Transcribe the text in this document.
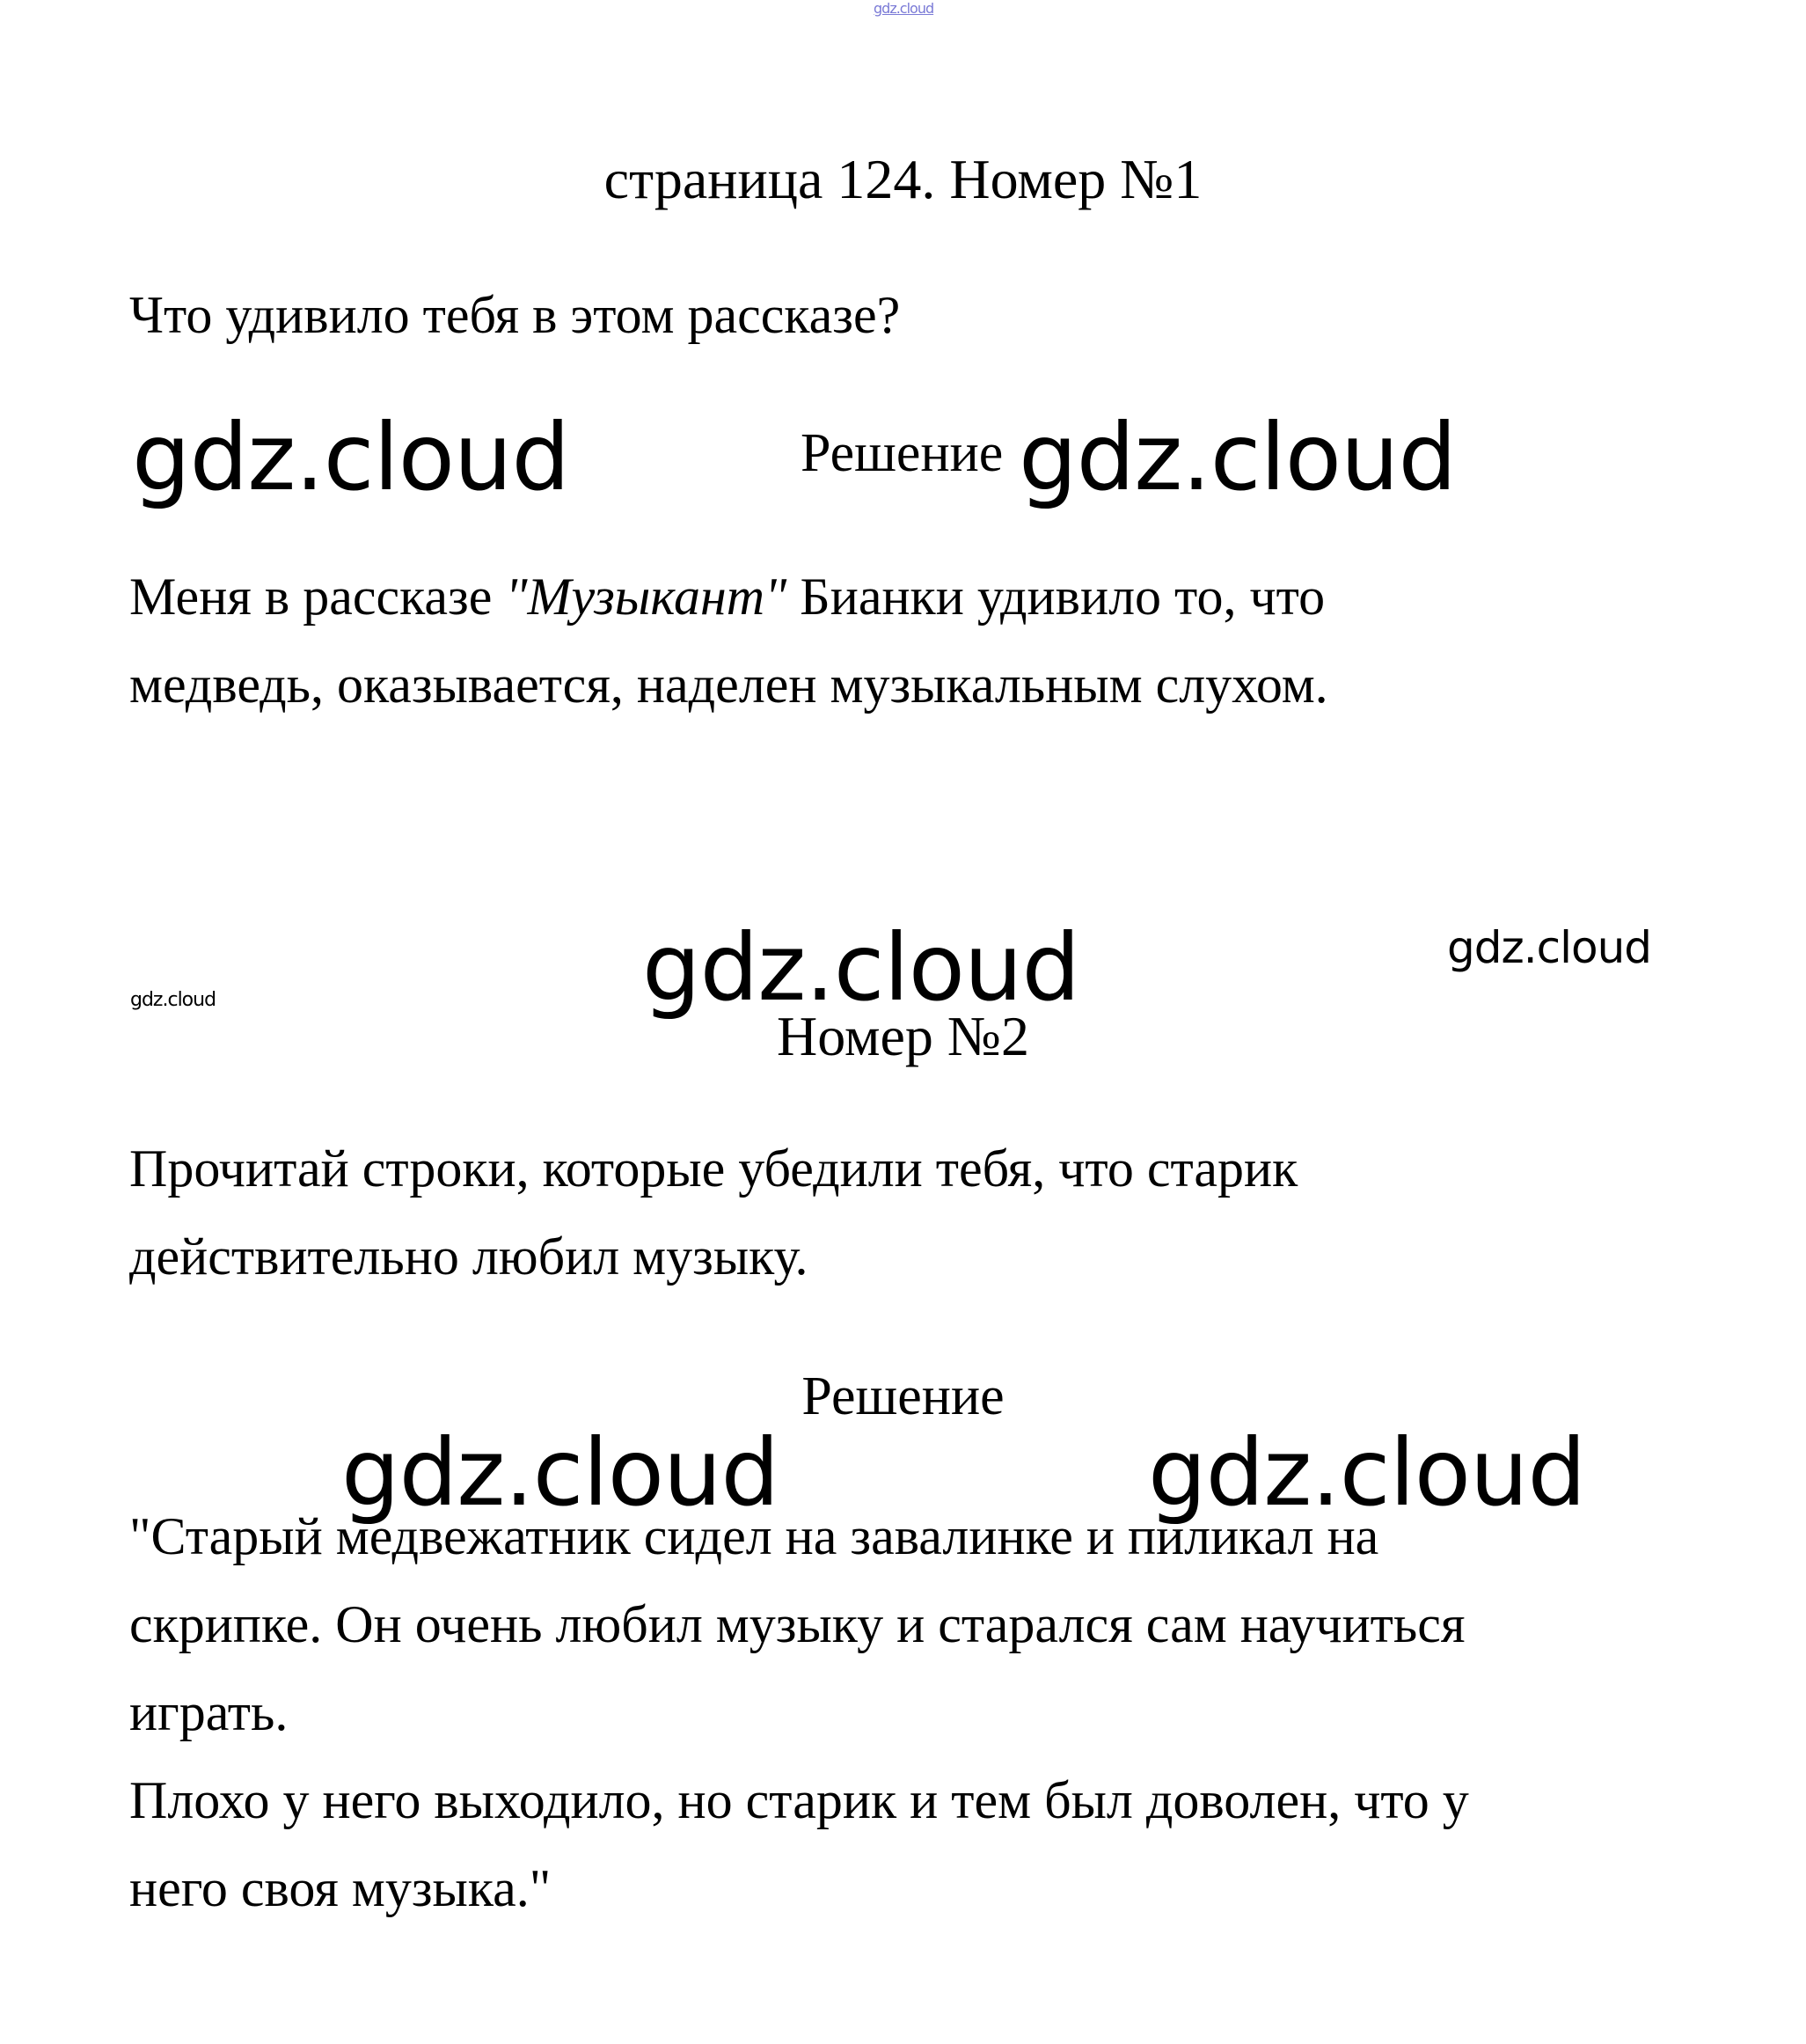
gdz.cloud
страница 124. Номер №1
Что удивило тебя в этом рассказе?
gdz.cloud	Решение gdz.cloud

Меня в рассказе "Музыкант" Бианки удивило то, что

медведь, оказывается, наделен музыкальным слухом.

gdz.cloud	gdz.cloud
gdz.cloud
Номер №2

Прочитай строки, которые убедили тебя, что старик

действительно любил музыку.

Решение
gdz.cloud	gdz.cloud

"Старый медвежатник сидел на завалинке и пиликал на

скрипке. Он очень любил музыку и старался сам научиться

играть.

Плохо у него выходило, но старик и тем был доволен, что у

него своя музыка."
